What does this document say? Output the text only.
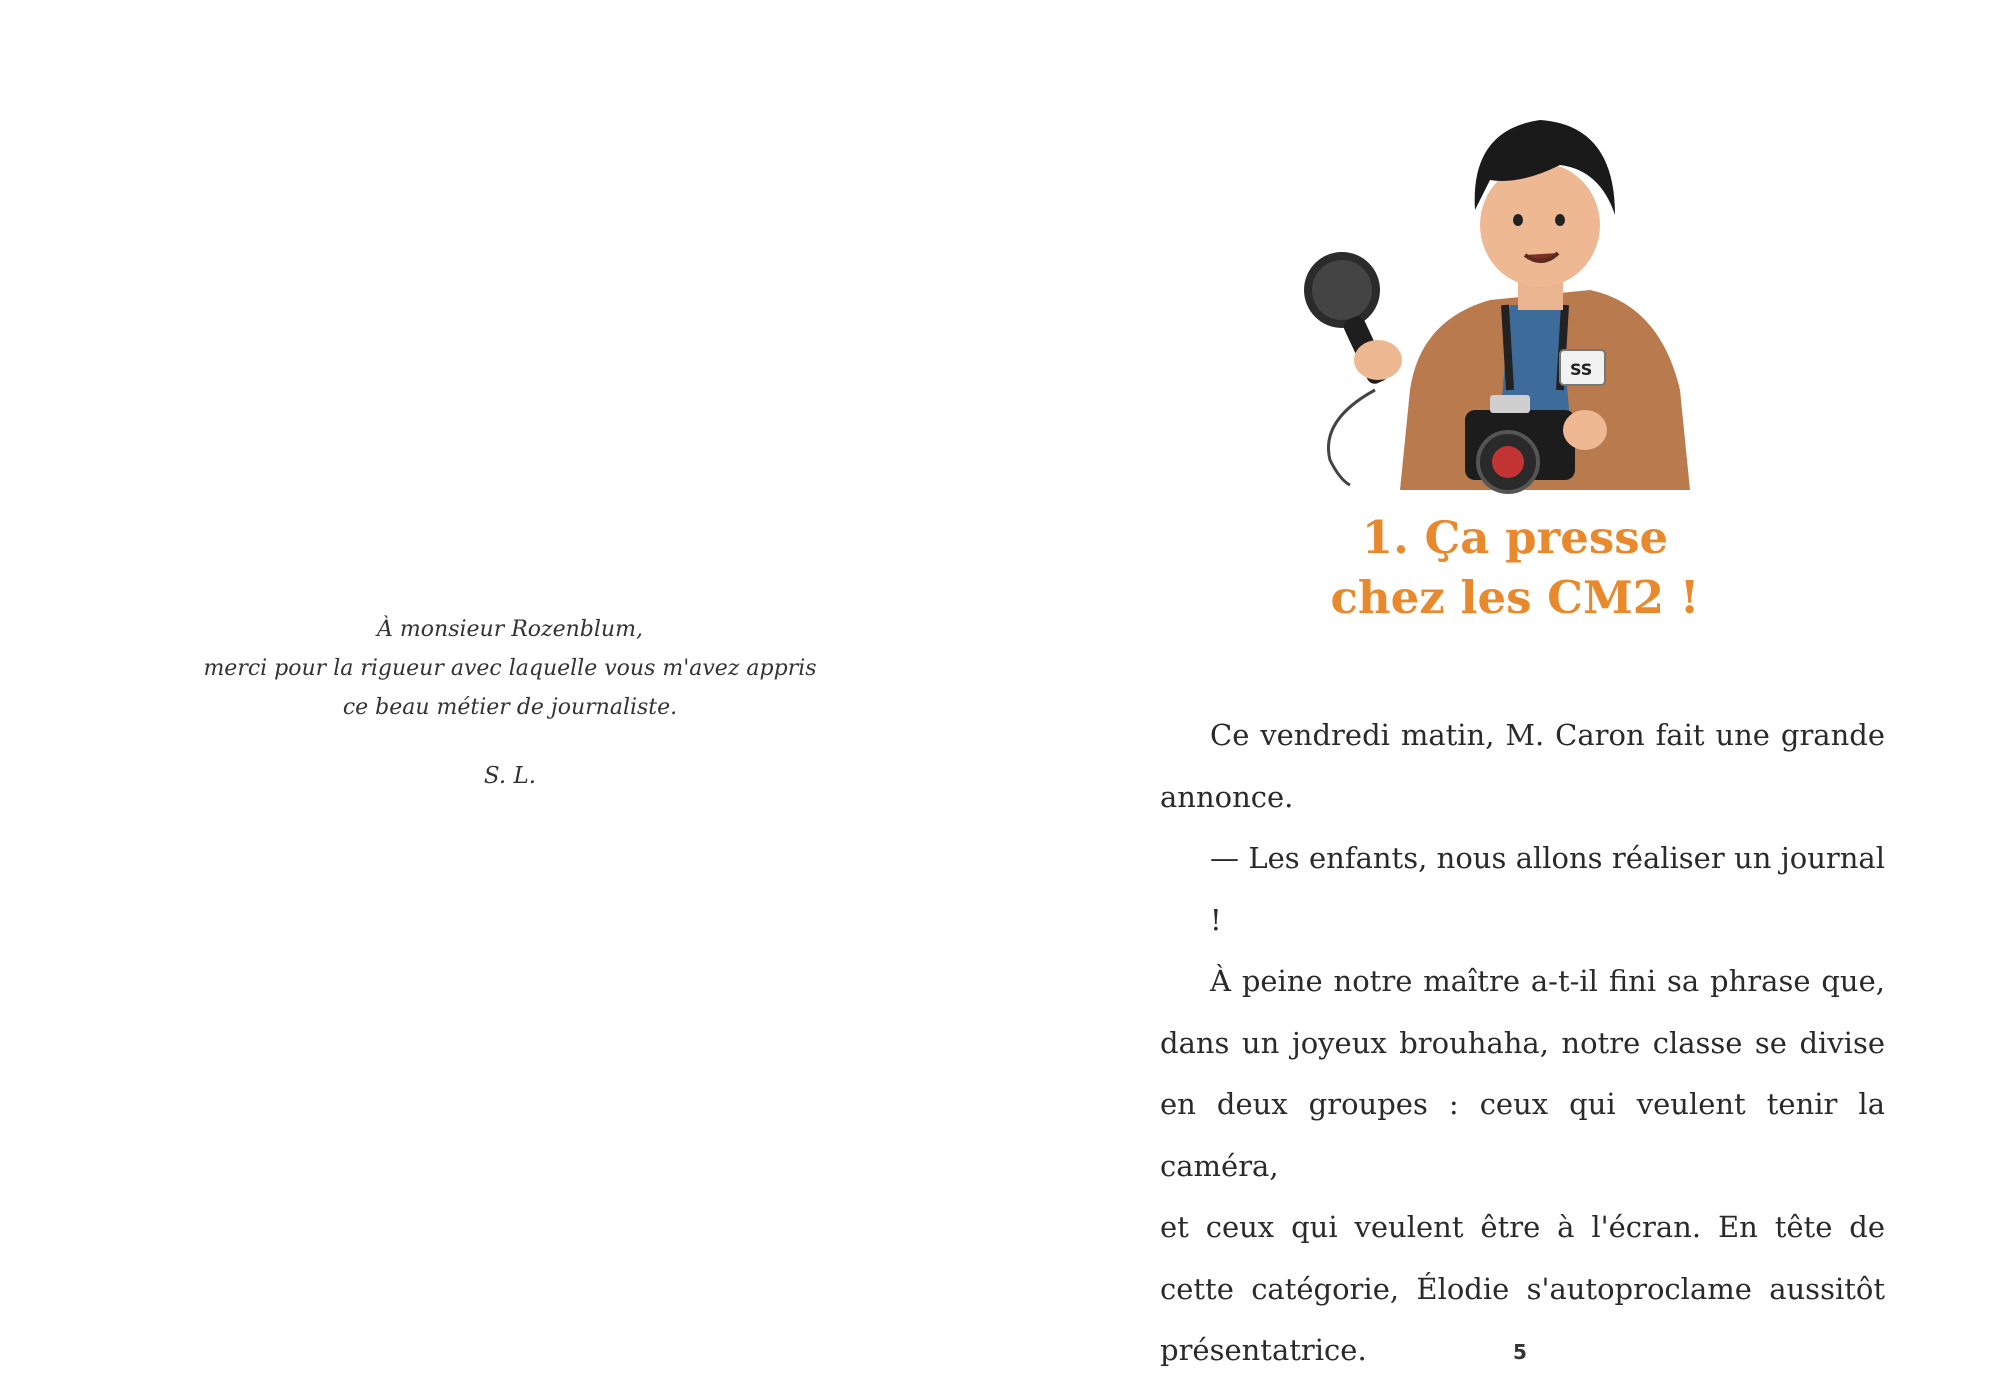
À monsieur Rozenblum,
merci pour la rigueur avec laquelle vous m'avez appris
ce beau métier de journaliste.
S. L.
SS
1. Ça presse
chez les CM2 !
Ce vendredi matin, M. Caron fait une grande
annonce.
— Les enfants, nous allons réaliser un journal !
À peine notre maître a-t-il fini sa phrase que,
dans un joyeux brouhaha, notre classe se divise
en deux groupes : ceux qui veulent tenir la caméra,
et ceux qui veulent être à l'écran. En tête de
cette catégorie, Élodie s'autoproclame aussitôt
présentatrice.	5
